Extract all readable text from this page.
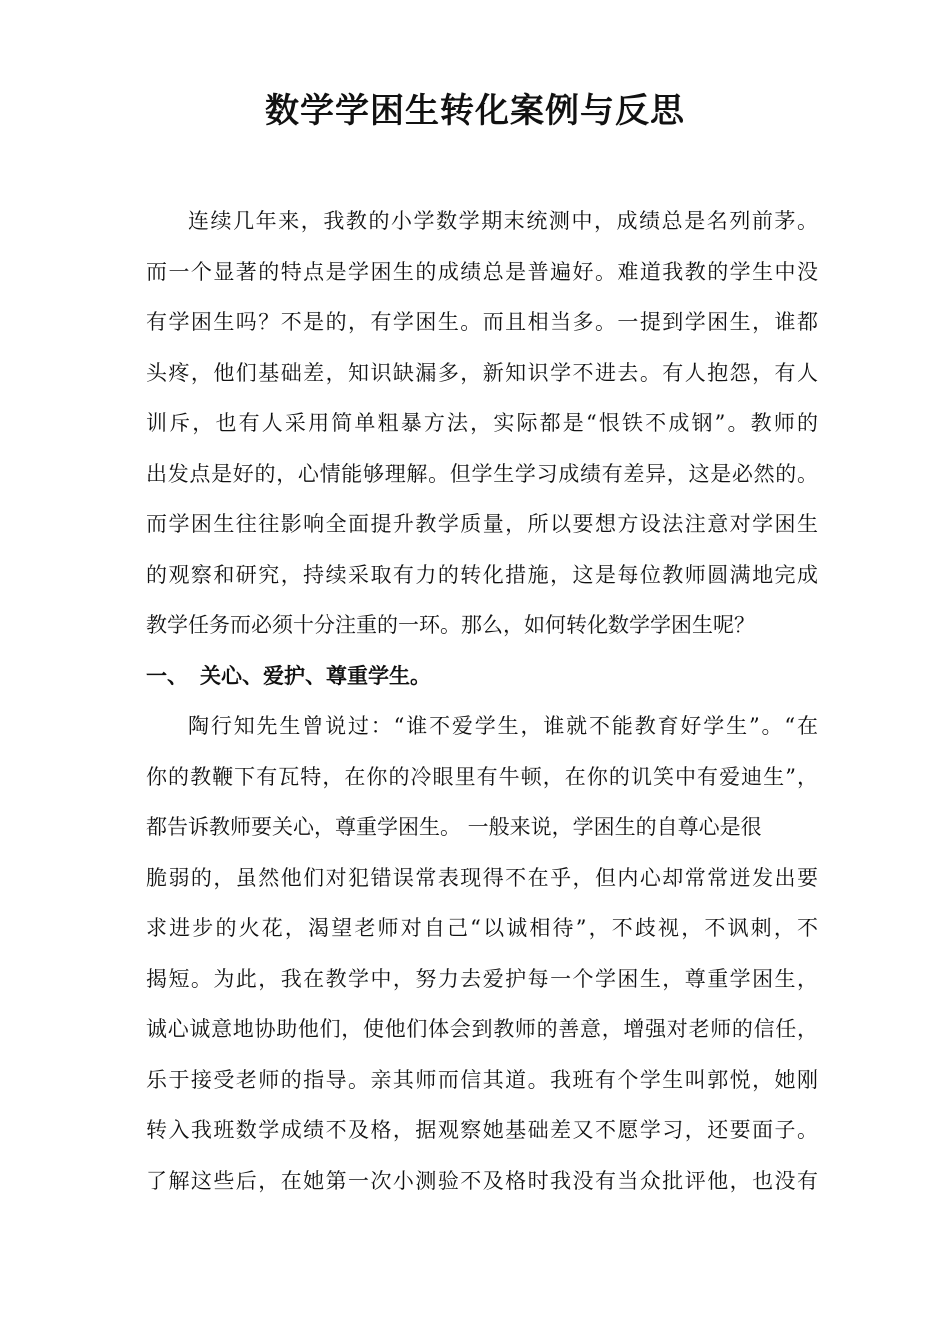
数学学困生转化案例与反思
连续几年来，我教的小学数学期末统测中，成绩总是名列前茅。
而一个显著的特点是学困生的成绩总是普遍好。难道我教的学生中没
有学困生吗？不是的，有学困生。而且相当多。一提到学困生，谁都
头疼，他们基础差，知识缺漏多，新知识学不进去。有人抱怨，有人
训斥，也有人采用简单粗暴方法，实际都是“恨铁不成钢”。教师的
出发点是好的，心情能够理解。但学生学习成绩有差异，这是必然的。
而学困生往往影响全面提升教学质量，所以要想方设法注意对学困生
的观察和研究，持续采取有力的转化措施，这是每位教师圆满地完成
教学任务而必须十分注重的一环。那么，如何转化数学学困生呢？
一、 关心、爱护、尊重学生。
陶行知先生曾说过：“谁不爱学生，谁就不能教育好学生”。“在
你的教鞭下有瓦特，在你的冷眼里有牛顿，在你的讥笑中有爱迪生”，
都告诉教师要关心，尊重学困生。 一般来说，学困生的自尊心是很
脆弱的，虽然他们对犯错误常表现得不在乎，但内心却常常迸发出要
求进步的火花，渴望老师对自己“以诚相待”，不歧视，不讽刺，不
揭短。为此，我在教学中，努力去爱护每一个学困生，尊重学困生，
诚心诚意地协助他们，使他们体会到教师的善意，增强对老师的信任，
乐于接受老师的指导。亲其师而信其道。我班有个学生叫郭悦，她刚
转入我班数学成绩不及格，据观察她基础差又不愿学习，还要面子。
了解这些后，在她第一次小测验不及格时我没有当众批评他，也没有
